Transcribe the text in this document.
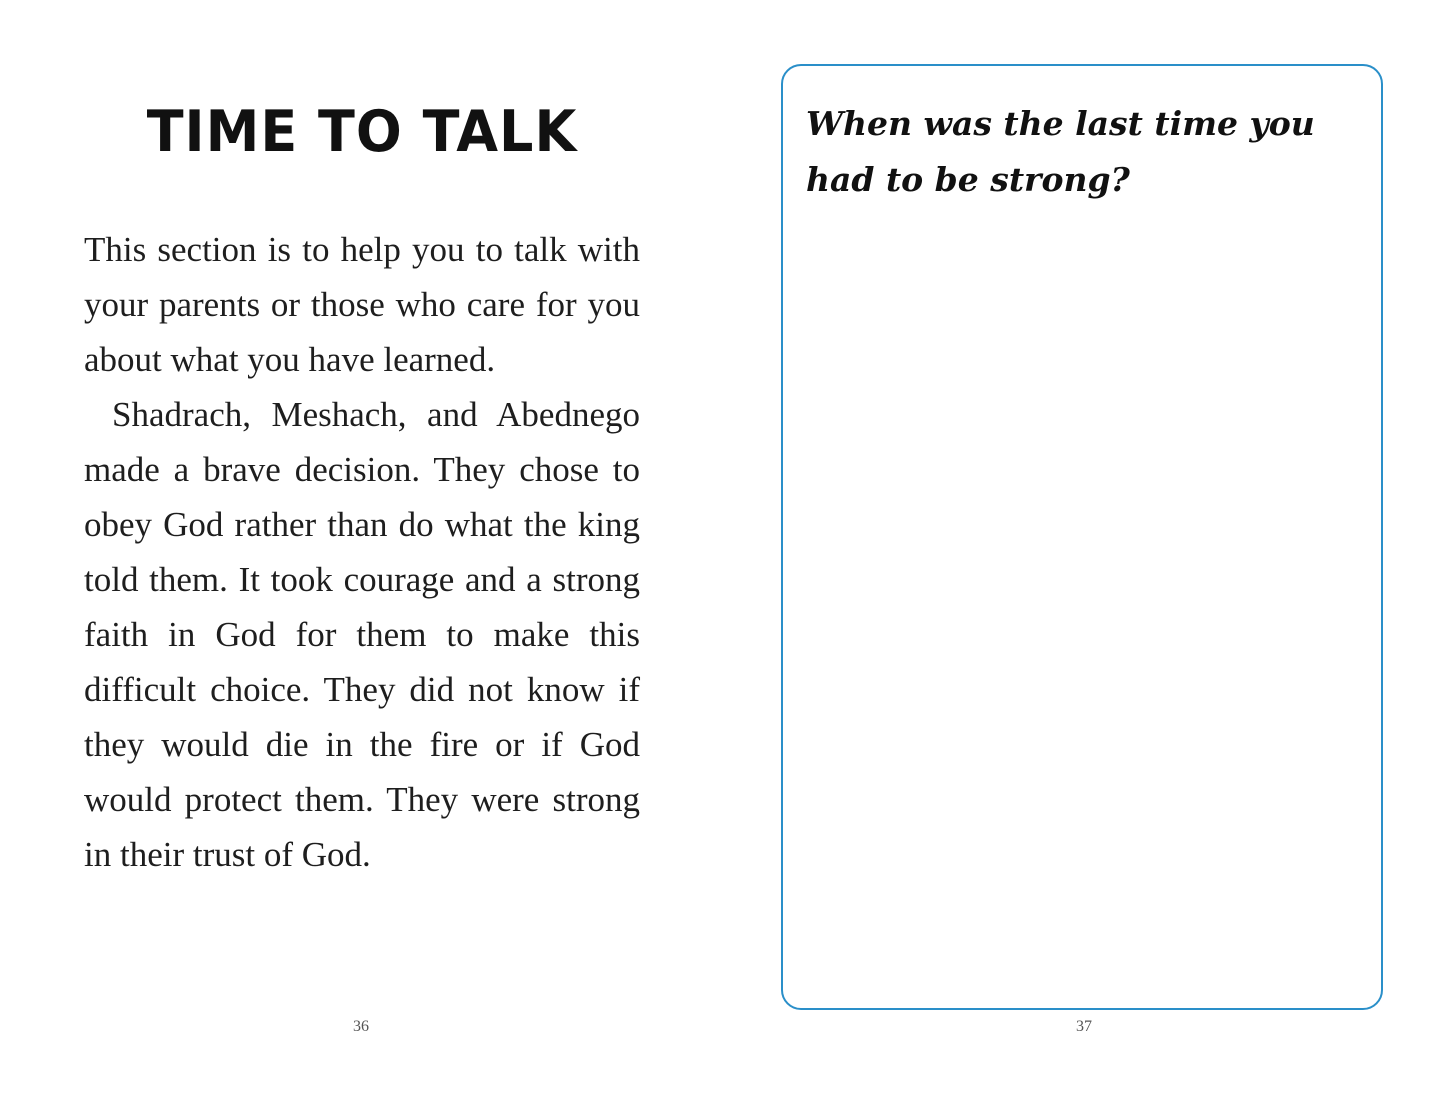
TIME TO TALK

This section is to help you to talk with your parents or those who care for you about what you have learned.

Shadrach, Meshach, and Abednego made a brave decision. They chose to obey God rather than do what the king told them. It took courage and a strong faith in God for them to make this difficult choice. They did not know if they would die in the fire or if God would protect them. They were strong in their trust of God.

36
When was the last time you had to be strong?
37
